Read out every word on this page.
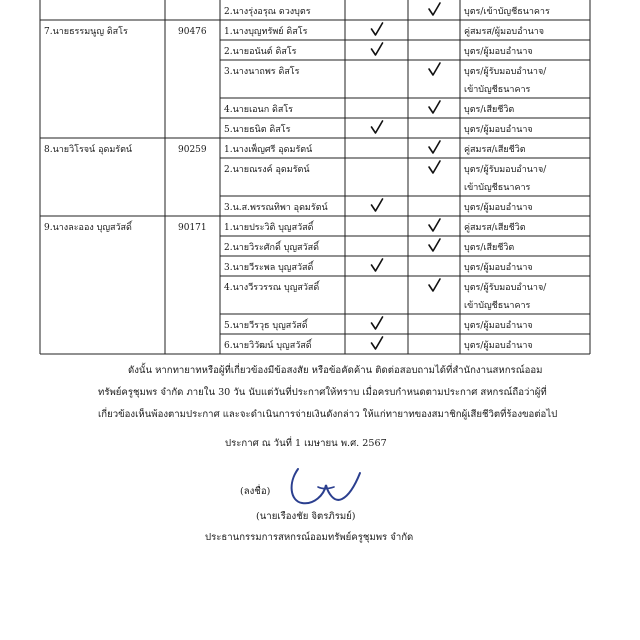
2.นางรุ่งอรุณ ดวงบุตร	บุตร/เข้าบัญชีธนาคาร
7.นายธรรมนูญ ดิสโร	90476 1.นางบุญทรัพย์ ดิสโร	คู่สมรส/ผู้มอบอำนาจ
2.นายอนันต์ ดิสโร	บุตร/ผู้มอบอำนาจ
3.นางนาถพร ดิสโร	บุตร/ผู้รับมอบอำนาจ/
เข้าบัญชีธนาคาร
4.นายเอนก ดิสโร	บุตร/เสียชีวิต
5.นายธนิต ดิสโร	บุตร/ผู้มอบอำนาจ
8.นายวิโรจน์ อุดมรัตน์	90259 1.นางเพ็ญศรี อุดมรัตน์	คู่สมรส/เสียชีวิต
2.นายณรงค์ อุดมรัตน์	บุตร/ผู้รับมอบอำนาจ/
เข้าบัญชีธนาคาร
3.น.ส.พรรณทิพา อุดมรัตน์	บุตร/ผู้มอบอำนาจ
9.นางละออง บุญสวัสดิ์	90171 1.นายประวิติ บุญสวัสดิ์	คู่สมรส/เสียชีวิต
2.นายวิระศักดิ์ บุญสวัสดิ์	บุตร/เสียชีวิต
3.นายวีระพล บุญสวัสดิ์	บุตร/ผู้มอบอำนาจ
4.นางวีรวรรณ บุญสวัสดิ์	บุตร/ผู้รับมอบอำนาจ/
เข้าบัญชีธนาคาร
5.นายวีรวุธ บุญสวัสดิ์	บุตร/ผู้มอบอำนาจ
6.นายวิวัฒน์ บุญสวัสดิ์	บุตร/ผู้มอบอำนาจ
ดังนั้น หากทายาทหรือผู้ที่เกี่ยวข้องมีข้อสงสัย หรือข้อคัดค้าน ติดต่อสอบถามได้ที่สำนักงานสหกรณ์ออม
ทรัพย์ครูชุมพร จำกัด ภายใน 30 วัน นับแต่วันที่ประกาศให้ทราบ เมื่อครบกำหนดตามประกาศ สหกรณ์ถือว่าผู้ที่
เกี่ยวข้องเห็นพ้องตามประกาศ และจะดำเนินการจ่ายเงินดังกล่าว ให้แก่ทายาทของสมาชิกผู้เสียชีวิตที่ร้องขอต่อไป
ประกาศ ณ วันที่ 1 เมษายน พ.ศ. 2567
(ลงชื่อ)
(นายเรืองชัย จิตรภิรมย์)
ประธานกรรมการสหกรณ์ออมทรัพย์ครูชุมพร จำกัด
